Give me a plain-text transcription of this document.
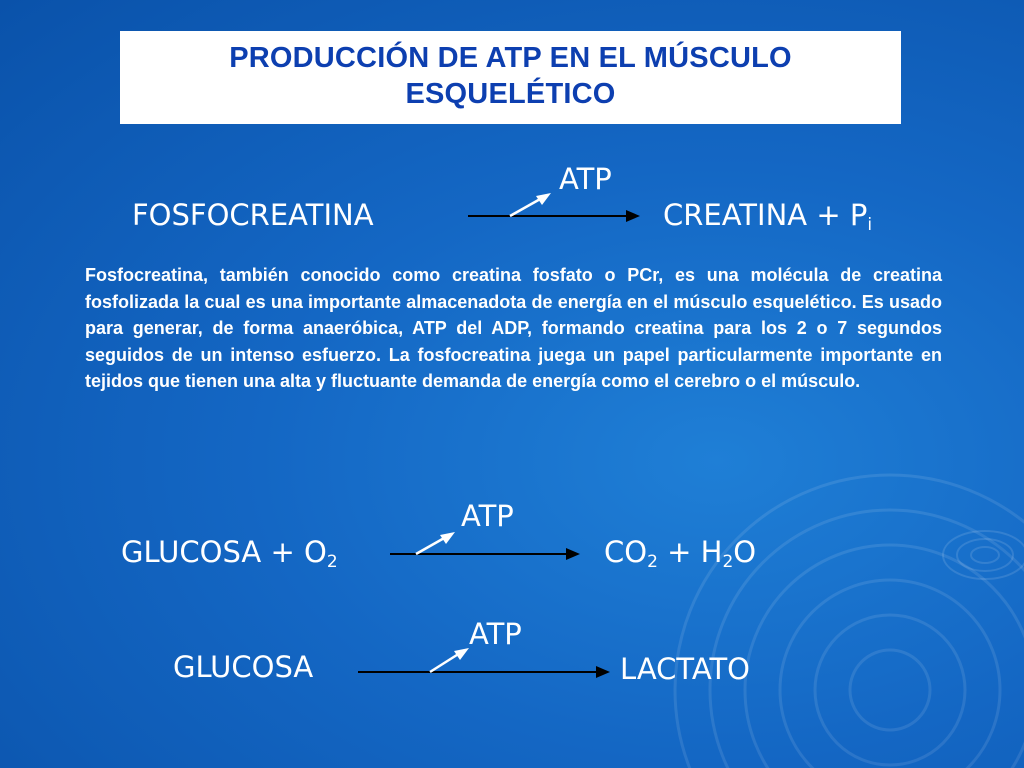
PRODUCCIÓN DE ATP EN EL MÚSCULO
ESQUELÉTICO
FOSFOCREATINA
ATP
CREATINA + $P_i$

Fosfocreatina, también conocido como creatina fosfato o PCr, es una molécula de creatina fosfolizada la cual es una importante almacenadota de energía en el músculo esquelético. Es usado para generar, de forma anaeróbica, ATP del ADP, formando creatina para los 2 o 7 segundos seguidos de un intenso esfuerzo. La fosfocreatina juega un papel particularmente importante en tejidos que tienen una alta y fluctuante demanda de energía como el cerebro o el músculo.

GLUCOSA + $O_2$
ATP
$CO_2 + H_2O$
GLUCOSA
ATP
LACTATO
